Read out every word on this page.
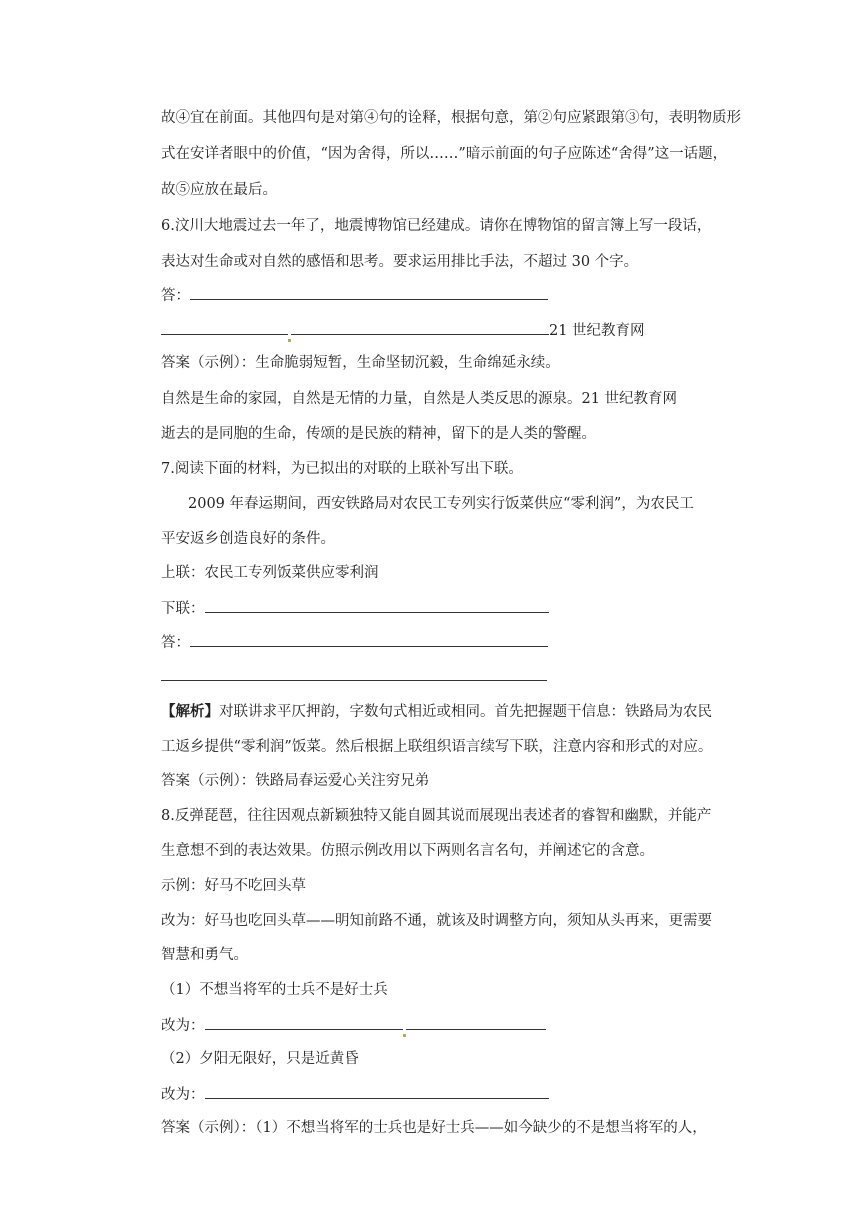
故④宜在前面。其他四句是对第④句的诠释，根据句意，第②句应紧跟第③句，表明物质形
式在安详者眼中的价值，“因为舍得，所以……”暗示前面的句子应陈述“舍得”这一话题，
故⑤应放在最后。
6.汶川大地震过去一年了，地震博物馆已经建成。请你在博物馆的留言簿上写一段话，
表达对生命或对自然的感悟和思考。要求运用排比手法，不超过 30 个字。
答：
21 世纪教育网
答案（示例）：生命脆弱短暂，生命坚韧沉毅，生命绵延永续。
自然是生命的家园，自然是无情的力量，自然是人类反思的源泉。21 世纪教育网
逝去的是同胞的生命，传颂的是民族的精神，留下的是人类的警醒。
7.阅读下面的材料，为已拟出的对联的上联补写出下联。
2009 年春运期间，西安铁路局对农民工专列实行饭菜供应“零利润”，为农民工
平安返乡创造良好的条件。
上联：农民工专列饭菜供应零利润
下联：
答：
【解析】对联讲求平仄押韵，字数句式相近或相同。首先把握题干信息：铁路局为农民
工返乡提供“零利润”饭菜。然后根据上联组织语言续写下联，注意内容和形式的对应。
答案（示例）：铁路局春运爱心关注穷兄弟
8.反弹琵琶，往往因观点新颖独特又能自圆其说而展现出表述者的睿智和幽默，并能产
生意想不到的表达效果。仿照示例改用以下两则名言名句，并阐述它的含意。
示例：好马不吃回头草
改为：好马也吃回头草——明知前路不通，就该及时调整方向，须知从头再来，更需要
智慧和勇气。
（1）不想当将军的士兵不是好士兵
改为：
（2）夕阳无限好，只是近黄昏
改为：
答案（示例）：（1）不想当将军的士兵也是好士兵——如今缺少的不是想当将军的人，
